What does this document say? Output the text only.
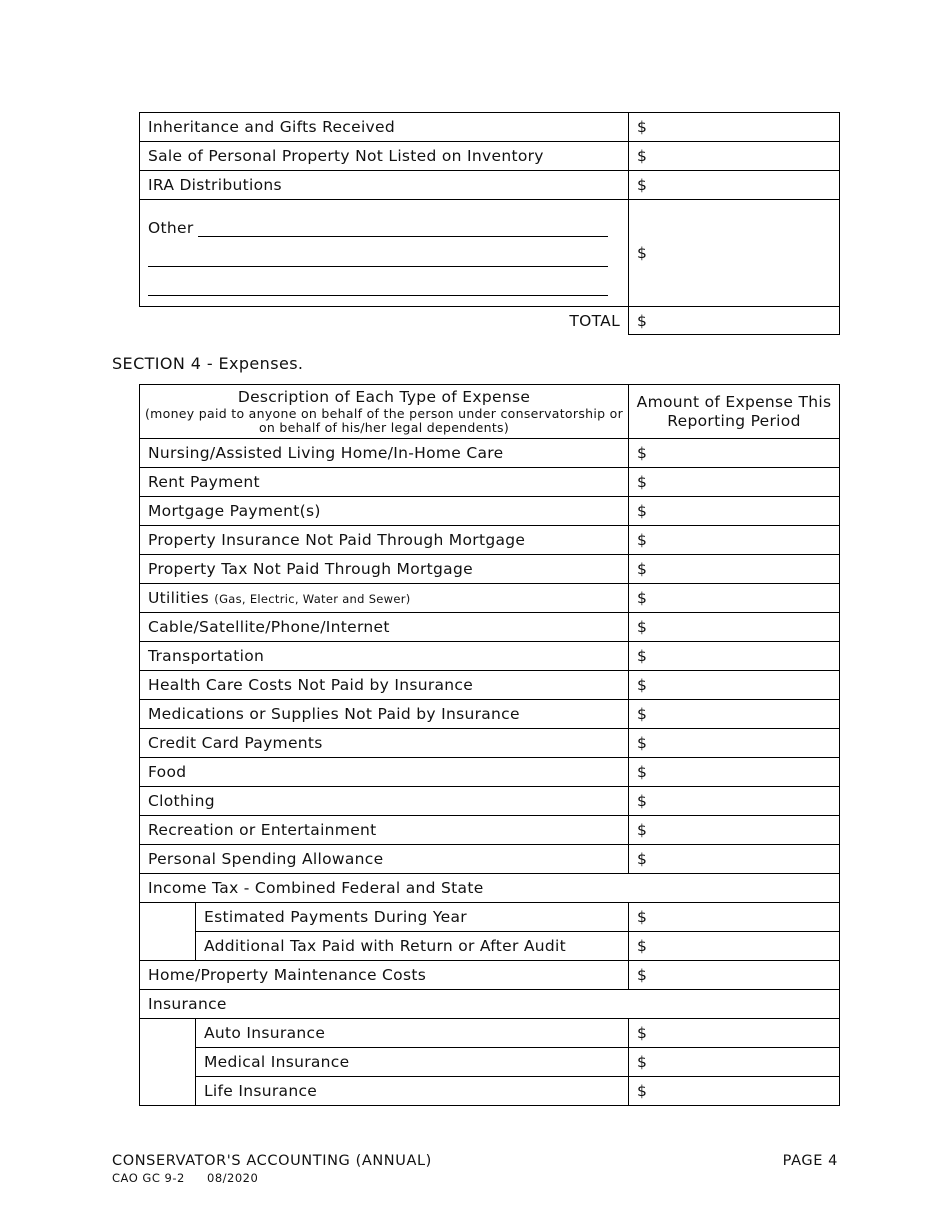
Inheritance and Gifts Received	$
Sale of Personal Property Not Listed on Inventory	$
IRA Distributions	$

Other	$
TOTAL	$
SECTION 4 - Expenses.
Description of Each Type of Expense
(money paid to anyone on behalf of the person under conservatorship or on behalf of his/her legal dependents)		Amount of Expense This Reporting Period
Nursing/Assisted Living Home/In-Home Care		$
Rent Payment		$
Mortgage Payment(s)		$
Property Insurance Not Paid Through Mortgage		$
Property Tax Not Paid Through Mortgage		$
Utilities (Gas, Electric, Water and Sewer)		$
Cable/Satellite/Phone/Internet		$
Transportation		$
Health Care Costs Not Paid by Insurance		$
Medications or Supplies Not Paid by Insurance		$
Credit Card Payments		$
Food		$
Clothing		$
Recreation or Entertainment		$
Personal Spending Allowance		$
Income Tax - Combined Federal and State		
	Estimated Payments During Year	$
	Additional Tax Paid with Return or After Audit	$
Home/Property Maintenance Costs		$
Insurance		
	Auto Insurance	$
	Medical Insurance	$
	Life Insurance	$
CONSERVATOR'S ACCOUNTING (ANNUAL)
CAO GC 9-2 08/2020
PAGE 4
